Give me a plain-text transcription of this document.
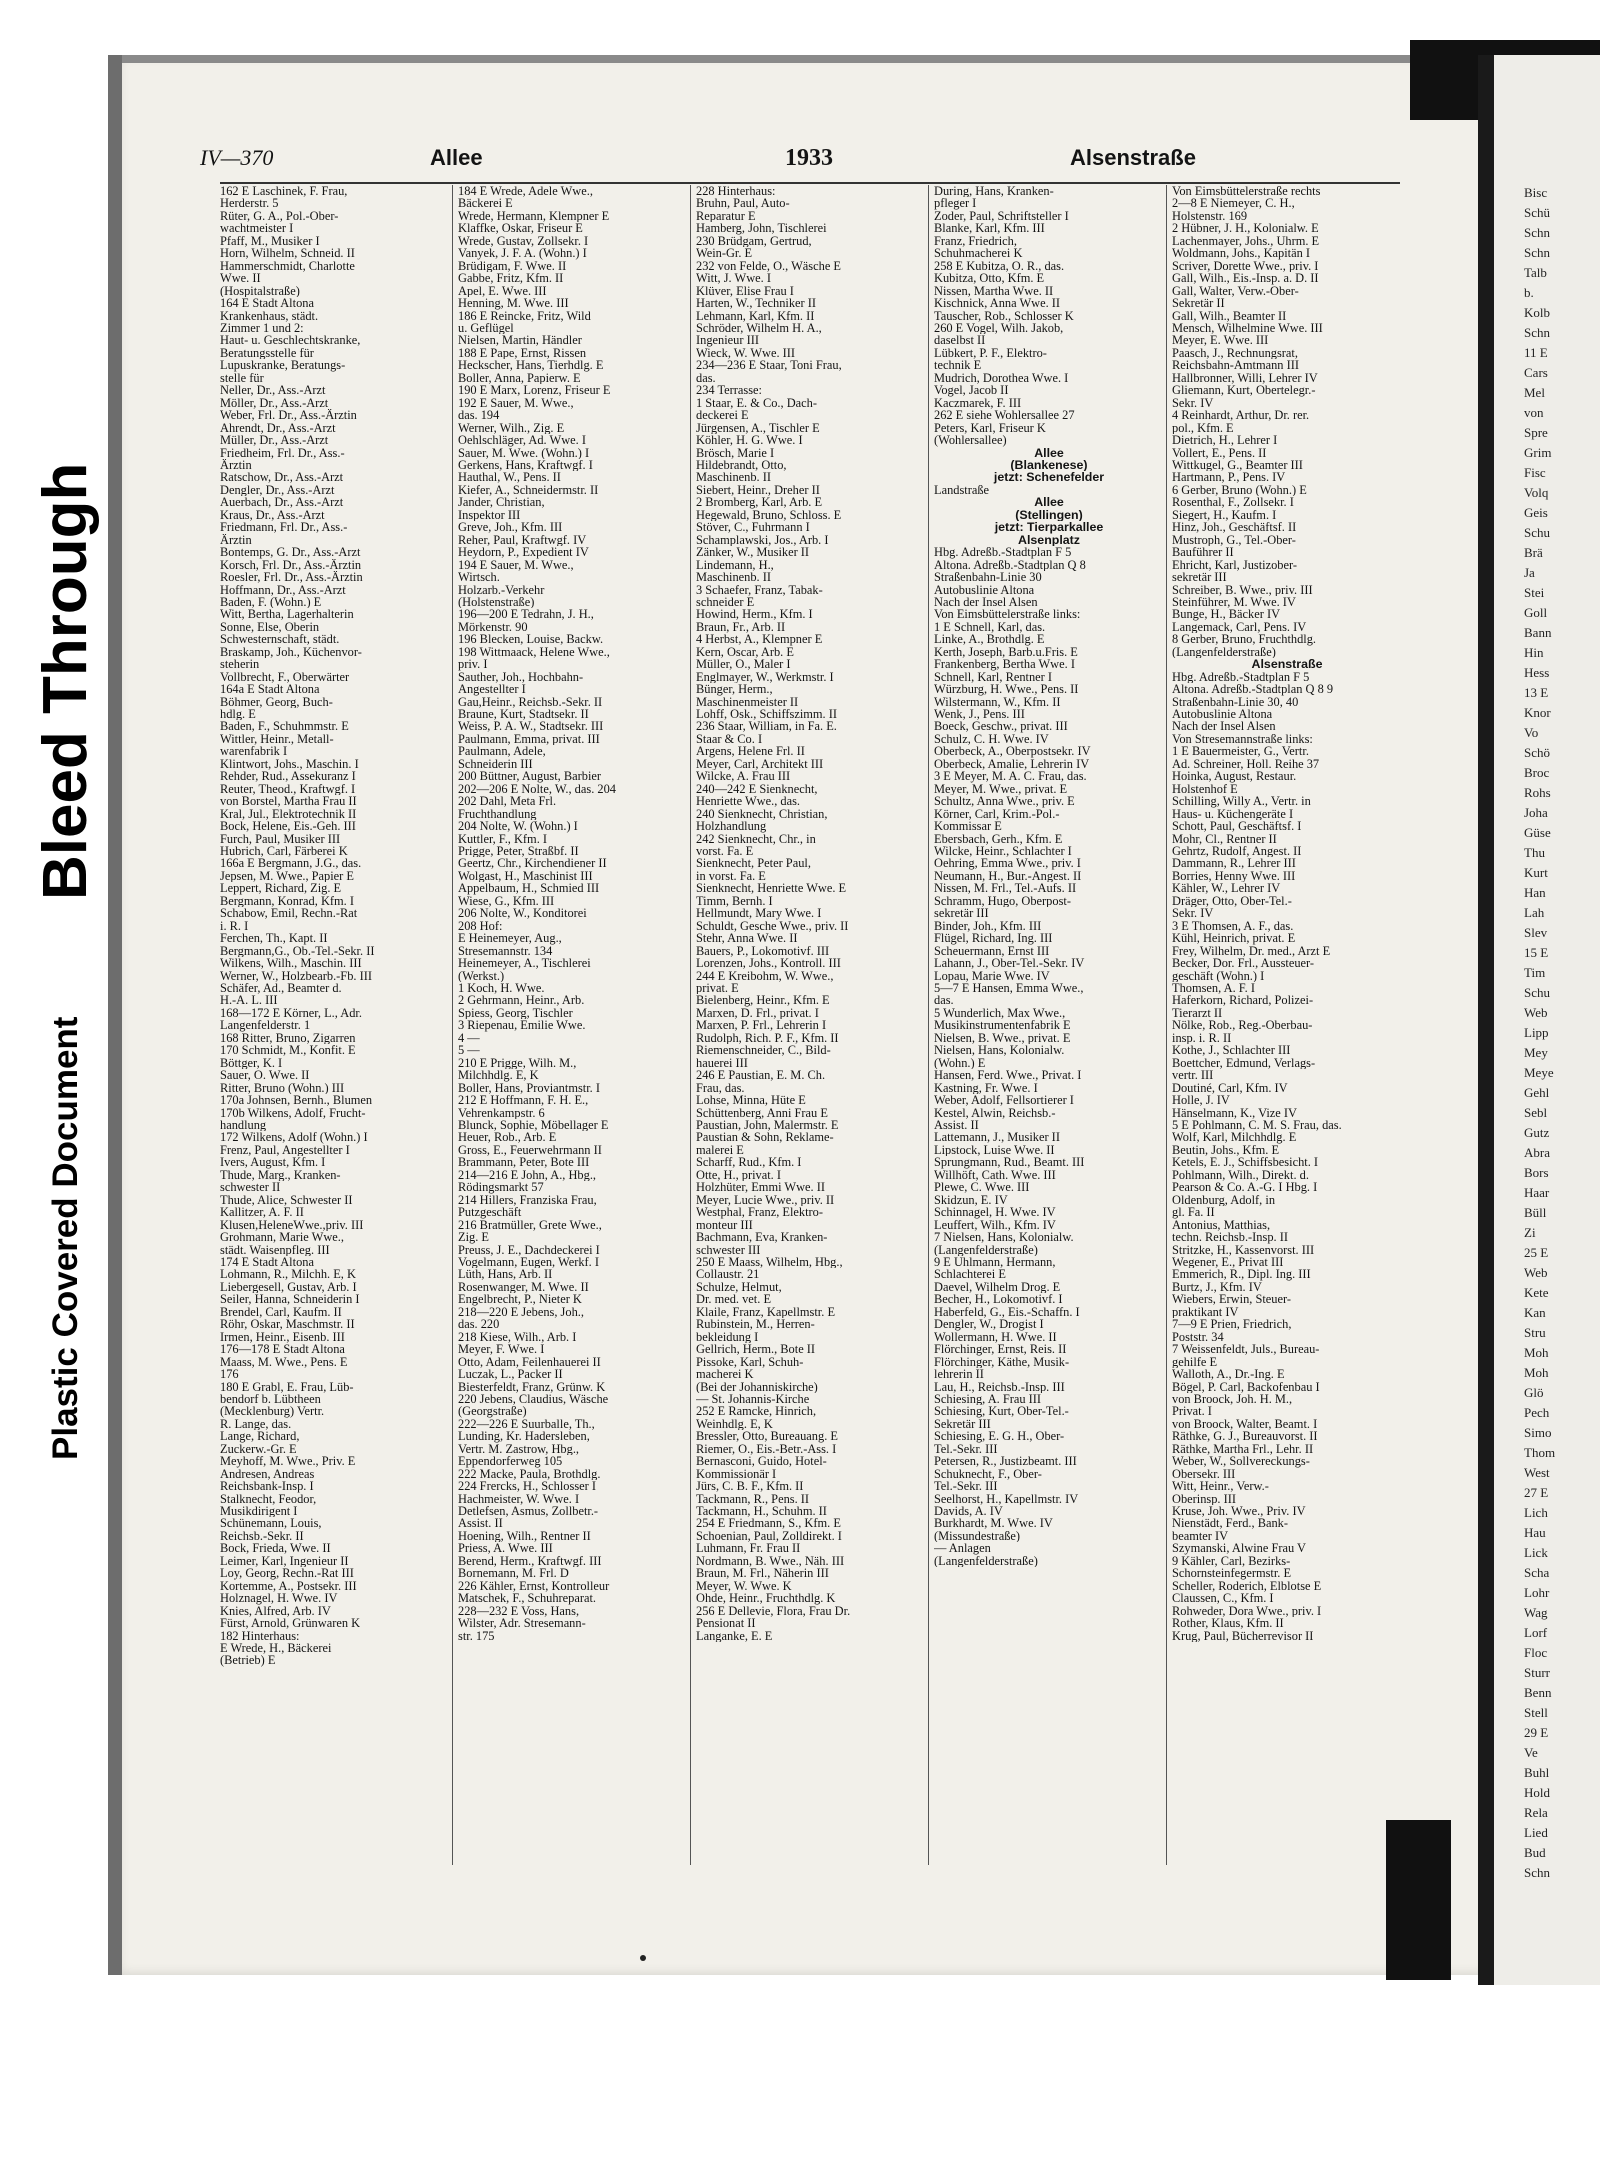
Bisc
Schü
Schn
Schn
Talb
b.
Kolb
Schn
11 E
Cars
Mel
von
Spre
Grim
Fisc
Volq
Geis
Schu
Brä
Ja
Stei
Goll
Bann
Hin
Hess
13 E
Knor
Vo
Schö
Broc
Rohs
Joha
Güse
Thu
Kurt
Han
Lah
Slev
15 E
Tim
Schu
Web
Lipp
Mey
Meye
Gehl
Sebl
Gutz
Abra
Bors
Haar
Büll
Zi
25 E
Web
Kete
Kan
Stru
Moh
Moh
Glö
Pech
Simo
Thom
West
27 E
Lich
Hau
Lick
Scha
Lohr
Wag
Lorf
Floc
Sturr
Benn
Stell
29 E
Ve
Buhl
Hold
Rela
Lied
Bud
Schn
Bleed Through
Plastic Covered Document
IV—370	Allee	1933	Alsenstraße
162 E Laschinek, F. Frau,
Herderstr. 5
Rüter, G. A., Pol.-Ober-
wachtmeister I
Pfaff, M., Musiker I
Horn, Wilhelm, Schneid. II
Hammerschmidt, Charlotte
Wwe. II
(Hospitalstraße)
164 E Stadt Altona
Krankenhaus, städt.
Zimmer 1 und 2:
Haut- u. Geschlechtskranke,
Beratungsstelle für
Lupuskranke, Beratungs-
stelle für
Neller, Dr., Ass.-Arzt
Möller, Dr., Ass.-Arzt
Weber, Frl. Dr., Ass.-Ärztin
Ahrendt, Dr., Ass.-Arzt
Müller, Dr., Ass.-Arzt
Friedheim, Frl. Dr., Ass.-
Ärztin
Ratschow, Dr., Ass.-Arzt
Dengler, Dr., Ass.-Arzt
Auerbach, Dr., Ass.-Arzt
Kraus, Dr., Ass.-Arzt
Friedmann, Frl. Dr., Ass.-
Ärztin
Bontemps, G. Dr., Ass.-Arzt
Korsch, Frl. Dr., Ass.-Ärztin
Roesler, Frl. Dr., Ass.-Ärztin
Hoffmann, Dr., Ass.-Arzt
Baden, F. (Wohn.) E
Witt, Bertha, Lagerhalterin
Sonne, Else, Oberin
Schwesternschaft, städt.
Braskamp, Joh., Küchenvor-
steherin
Vollbrecht, F., Oberwärter
164a E Stadt Altona
Böhmer, Georg, Buch-
hdlg. E
Baden, F., Schuhmmstr. E
Wittler, Heinr., Metall-
warenfabrik I
Klintwort, Johs., Maschin. I
Rehder, Rud., Assekuranz I
Reuter, Theod., Kraftwgf. I
von Borstel, Martha Frau II
Kral, Jul., Elektrotechnik II
Bock, Helene, Eis.-Geh. III
Furch, Paul, Musiker III
Hubrich, Carl, Färberei K
166a E Bergmann, J.G., das.
Jepsen, M. Wwe., Papier E
Leppert, Richard, Zig. E
Bergmann, Konrad, Kfm. I
Schabow, Emil, Rechn.-Rat
i. R. I
Ferchen, Th., Kapt. II
Bergmann,G., Ob.-Tel.-Sekr. II
Wilkens, Wilh., Maschin. III
Werner, W., Holzbearb.-Fb. III
Schäfer, Ad., Beamter d.
H.-A. L. III
168—172 E Körner, L., Adr.
Langenfelderstr. 1
168 Ritter, Bruno, Zigarren
170 Schmidt, M., Konfit. E
Böttger, K. I
Sauer, O. Wwe. II
Ritter, Bruno (Wohn.) III
170a Johnsen, Bernh., Blumen
170b Wilkens, Adolf, Frucht-
handlung
172 Wilkens, Adolf (Wohn.) I
Frenz, Paul, Angestellter I
Ivers, August, Kfm. I
Thude, Marg., Kranken-
schwester II
Thude, Alice, Schwester II
Kallitzer, A. F. II
Klusen,HeleneWwe.,priv. III
Grohmann, Marie Wwe.,
städt. Waisenpfleg. III
174 E Stadt Altona
Lohmann, R., Milchh. E, K
Liebergesell, Gustav, Arb. I
Seiler, Hanna, Schneiderin I
Brendel, Carl, Kaufm. II
Röhr, Oskar, Maschmstr. II
Irmen, Heinr., Eisenb. III
176—178 E Stadt Altona
Maass, M. Wwe., Pens. E
176
180 E Grabl, E. Frau, Lüb-
bendorf b. Lübtheen
(Mecklenburg) Vertr.
R. Lange, das.
Lange, Richard,
Zuckerw.-Gr. E
Meyhoff, M. Wwe., Priv. E
Andresen, Andreas
Reichsbank-Insp. I
Stalknecht, Feodor,
Musikdirigent I
Schünemann, Louis,
Reichsb.-Sekr. II
Bock, Frieda, Wwe. II
Leimer, Karl, Ingenieur II
Loy, Georg, Rechn.-Rat III
Kortemme, A., Postsekr. III
Holznagel, H. Wwe. IV
Knies, Alfred, Arb. IV
Fürst, Arnold, Grünwaren K
182 Hinterhaus:
E Wrede, H., Bäckerei
(Betrieb) E
184 E Wrede, Adele Wwe.,
Bäckerei E
Wrede, Hermann, Klempner E
Klaffke, Oskar, Friseur E
Wrede, Gustav, Zollsekr. I
Vanyek, J. F. A. (Wohn.) I
Brüdigam, F. Wwe. II
Gabbe, Fritz, Kfm. II
Apel, E. Wwe. III
Henning, M. Wwe. III
186 E Reincke, Fritz, Wild
u. Geflügel
Nielsen, Martin, Händler
188 E Pape, Ernst, Rissen
Heckscher, Hans, Tierhdlg. E
Boller, Anna, Papierw. E
190 E Marx, Lorenz, Friseur E
192 E Sauer, M. Wwe.,
das. 194
Werner, Wilh., Zig. E
Oehlschläger, Ad. Wwe. I
Sauer, M. Wwe. (Wohn.) I
Gerkens, Hans, Kraftwgf. I
Hauthal, W., Pens. II
Kiefer, A., Schneidermstr. II
Jander, Christian,
Inspektor III
Greve, Joh., Kfm. III
Reher, Paul, Kraftwgf. IV
Heydorn, P., Expedient IV
194 E Sauer, M. Wwe.,
Wirtsch.
Holzarb.-Verkehr
(Holstenstraße)
196—200 E Tedrahn, J. H.,
Mörkenstr. 90
196 Blecken, Louise, Backw.
198 Wittmaack, Helene Wwe.,
priv. I
Sauther, Joh., Hochbahn-
Angestellter I
Gau,Heinr., Reichsb.-Sekr. II
Braune, Kurt, Stadtsekr. II
Weiss, P. A. W., Stadtsekr. III
Paulmann, Emma, privat. III
Paulmann, Adele,
Schneiderin III
200 Büttner, August, Barbier
202—206 E Nolte, W., das. 204
202 Dahl, Meta Frl.
Fruchthandlung
204 Nolte, W. (Wohn.) I
Kuttler, F., Kfm. I
Prigge, Peter, Straßbf. II
Geertz, Chr., Kirchendiener II
Wolgast, H., Maschinist III
Appelbaum, H., Schmied III
Wiese, G., Kfm. III
206 Nolte, W., Konditorei
208 Hof:
E Heinemeyer, Aug.,
Stresemannstr. 134
Heinemeyer, A., Tischlerei
(Werkst.)
1 Koch, H. Wwe.
2 Gehrmann, Heinr., Arb.
Spiess, Georg, Tischler
3 Riepenau, Emilie Wwe.
4 —
5 —
210 E Prigge, Wilh. M.,
Milchhdlg. E, K
Boller, Hans, Proviantmstr. I
212 E Hoffmann, F. H. E.,
Vehrenkampstr. 6
Blunck, Sophie, Möbellager E
Heuer, Rob., Arb. E
Gross, E., Feuerwehrmann II
Brammann, Peter, Bote III
214—216 E John, A., Hbg.,
Rödingsmarkt 57
214 Hillers, Franziska Frau,
Putzgeschäft
216 Bratmüller, Grete Wwe.,
Zig. E
Preuss, J. E., Dachdeckerei I
Vogelmann, Eugen, Werkf. I
Lüth, Hans, Arb. II
Rosenwanger, M. Wwe. II
Engelbrecht, P., Nieter K
218—220 E Jebens, Joh.,
das. 220
218 Kiese, Wilh., Arb. I
Meyer, F. Wwe. I
Otto, Adam, Feilenhauerei II
Luczak, L., Packer II
Biesterfeldt, Franz, Grünw. K
220 Jebens, Claudius, Wäsche
(Georgstraße)
222—226 E Suurballe, Th.,
Lunding, Kr. Hadersleben,
Vertr. M. Zastrow, Hbg.,
Eppendorferweg 105
222 Macke, Paula, Brothdlg.
224 Frercks, H., Schlosser I
Hachmeister, W. Wwe. I
Detlefsen, Asmus, Zollbetr.-
Assist. II
Hoening, Wilh., Rentner II
Priess, A. Wwe. III
Berend, Herm., Kraftwgf. III
Bornemann, M. Frl. D
226 Kähler, Ernst, Kontrolleur
Matschek, F., Schuhreparat.
228—232 E Voss, Hans,
Wilster, Adr. Stresemann-
str. 175
228 Hinterhaus:
Bruhn, Paul, Auto-
Reparatur E
Hamberg, John, Tischlerei
230 Brüdgam, Gertrud,
Wein-Gr. E
232 von Felde, O., Wäsche E
Witt, J. Wwe. I
Klüver, Elise Frau I
Harten, W., Techniker II
Lehmann, Karl, Kfm. II
Schröder, Wilhelm H. A.,
Ingenieur III
Wieck, W. Wwe. III
234—236 E Staar, Toni Frau,
das.
234 Terrasse:
1 Staar, E. & Co., Dach-
deckerei E
Jürgensen, A., Tischler E
Köhler, H. G. Wwe. I
Brösch, Marie I
Hildebrandt, Otto,
Maschinenb. II
Siebert, Heinr., Dreher II
2 Bromberg, Karl, Arb. E
Hegewald, Bruno, Schloss. E
Stöver, C., Fuhrmann I
Schamplawski, Jos., Arb. I
Zänker, W., Musiker II
Lindemann, H.,
Maschinenb. II
3 Schaefer, Franz, Tabak-
schneider E
Howind, Herm., Kfm. I
Braun, Fr., Arb. II
4 Herbst, A., Klempner E
Kern, Oscar, Arb. E
Müller, O., Maler I
Englmayer, W., Werkmstr. I
Bünger, Herm.,
Maschinenmeister II
Lohff, Osk., Schiffszimm. II
236 Staar, William, in Fa. E.
Staar & Co. I
Argens, Helene Frl. II
Meyer, Carl, Architekt III
Wilcke, A. Frau III
240—242 E Sienknecht,
Henriette Wwe., das.
240 Sienknecht, Christian,
Holzhandlung
242 Sienknecht, Chr., in
vorst. Fa. E
Sienknecht, Peter Paul,
in vorst. Fa. E
Sienknecht, Henriette Wwe. E
Timm, Bernh. I
Hellmundt, Mary Wwe. I
Schuldt, Gesche Wwe., priv. II
Stehr, Anna Wwe. II
Bauers, P., Lokomotivf. III
Lorenzen, Johs., Kontroll. III
244 E Kreibohm, W. Wwe.,
privat. E
Bielenberg, Heinr., Kfm. E
Marxen, D. Frl., privat. I
Marxen, P. Frl., Lehrerin I
Rudolph, Rich. P. F., Kfm. II
Riemenschneider, C., Bild-
hauerei III
246 E Paustian, E. M. Ch.
Frau, das.
Lohse, Minna, Hüte E
Schüttenberg, Anni Frau E
Paustian, John, Malermstr. E
Paustian & Sohn, Reklame-
malerei E
Scharff, Rud., Kfm. I
Otte, H., privat. I
Holzhüter, Emmi Wwe. II
Meyer, Lucie Wwe., priv. II
Westphal, Franz, Elektro-
monteur III
Bachmann, Eva, Kranken-
schwester III
250 E Maass, Wilhelm, Hbg.,
Collaustr. 21
Schulze, Helmut,
Dr. med. vet. E
Klaile, Franz, Kapellmstr. E
Rubinstein, M., Herren-
bekleidung I
Gellrich, Herm., Bote II
Pissoke, Karl, Schuh-
macherei K
(Bei der Johanniskirche)
— St. Johannis-Kirche
252 E Ramcke, Hinrich,
Weinhdlg. E, K
Bressler, Otto, Bureauang. E
Riemer, O., Eis.-Betr.-Ass. I
Bernasconi, Guido, Hotel-
Kommissionär I
Jürs, C. B. F., Kfm. II
Tackmann, R., Pens. II
Tackmann, H., Schuhm. II
254 E Friedmann, S., Kfm. E
Schoenian, Paul, Zolldirekt. I
Luhmann, Fr. Frau II
Nordmann, B. Wwe., Näh. III
Braun, M. Frl., Näherin III
Meyer, W. Wwe. K
Ohde, Heinr., Fruchthdlg. K
256 E Dellevie, Flora, Frau Dr.
Pensionat II
Langanke, E. E
During, Hans, Kranken-
pfleger I
Zoder, Paul, Schriftsteller I
Blanke, Karl, Kfm. III
Franz, Friedrich,
Schuhmacherei K
258 E Kubitza, O. R., das.
Kubitza, Otto, Kfm. E
Nissen, Martha Wwe. II
Kischnick, Anna Wwe. II
Tauscher, Rob., Schlosser K
260 E Vogel, Wilh. Jakob,
daselbst II
Lübkert, P. F., Elektro-
technik E
Mudrich, Dorothea Wwe. I
Vogel, Jacob II
Kaczmarek, F. III
262 E siehe Wohlersallee 27
Peters, Karl, Friseur K
(Wohlersallee)
Allee
(Blankenese)
jetzt: Schenefelder
Landstraße
Allee
(Stellingen)
jetzt: Tierparkallee
Alsenplatz
Hbg. Adreßb.-Stadtplan F 5
Altona. Adreßb.-Stadtplan Q 8
Straßenbahn-Linie 30
Autobuslinie Altona
Nach der Insel Alsen
Von Eimsbüttelerstraße links:
1 E Schnell, Karl, das.
Linke, A., Brothdlg. E
Kerth, Joseph, Barb.u.Fris. E
Frankenberg, Bertha Wwe. I
Schnell, Karl, Rentner I
Würzburg, H. Wwe., Pens. II
Wilstermann, W., Kfm. II
Wenk, J., Pens. III
Boeck, Geschw., privat. III
Schulz, C. H. Wwe. IV
Oberbeck, A., Oberpostsekr. IV
Oberbeck, Amalie, Lehrerin IV
3 E Meyer, M. A. C. Frau, das.
Meyer, M. Wwe., privat. E
Schultz, Anna Wwe., priv. E
Körner, Carl, Krim.-Pol.-
Kommissar E
Ebersbach, Gerh., Kfm. E
Wilcke, Heinr., Schlachter I
Oehring, Emma Wwe., priv. I
Neumann, H., Bur.-Angest. II
Nissen, M. Frl., Tel.-Aufs. II
Schramm, Hugo, Oberpost-
sekretär III
Binder, Joh., Kfm. III
Flügel, Richard, Ing. III
Scheuermann, Ernst III
Lahann, J., Ober-Tel.-Sekr. IV
Lopau, Marie Wwe. IV
5—7 E Hansen, Emma Wwe.,
das.
5 Wunderlich, Max Wwe.,
Musikinstrumentenfabrik E
Nielsen, B. Wwe., privat. E
Nielsen, Hans, Kolonialw.
(Wohn.) E
Hansen, Ferd. Wwe., Privat. I
Kastning, Fr. Wwe. I
Weber, Adolf, Fellsortierer I
Kestel, Alwin, Reichsb.-
Assist. II
Lattemann, J., Musiker II
Lipstock, Luise Wwe. II
Sprungmann, Rud., Beamt. III
Willhöft, Cath. Wwe. III
Plewe, C. Wwe. III
Skidzun, E. IV
Schinnagel, H. Wwe. IV
Leuffert, Wilh., Kfm. IV
7 Nielsen, Hans, Kolonialw.
(Langenfelderstraße)
9 E Uhlmann, Hermann,
Schlachterei E
Daevel, Wilhelm Drog. E
Becher, H., Lokomotivf. I
Haberfeld, G., Eis.-Schaffn. I
Dengler, W., Drogist I
Wollermann, H. Wwe. II
Flörchinger, Ernst, Reis. II
Flörchinger, Käthe, Musik-
lehrerin II
Lau, H., Reichsb.-Insp. III
Schiesing, A. Frau III
Schiesing, Kurt, Ober-Tel.-
Sekretär III
Schiesing, E. G. H., Ober-
Tel.-Sekr. III
Petersen, R., Justizbeamt. III
Schuknecht, F., Ober-
Tel.-Sekr. III
Seelhorst, H., Kapellmstr. IV
Davids, A. IV
Burkhardt, M. Wwe. IV
(Missundestraße)
— Anlagen
(Langenfelderstraße)
Von Eimsbüttelerstraße rechts
2—8 E Niemeyer, C. H.,
Holstenstr. 169
2 Hübner, J. H., Kolonialw. E
Lachenmayer, Johs., Uhrm. E
Woldmann, Johs., Kapitän I
Scriver, Dorette Wwe., priv. I
Gall, Wilh., Eis.-Insp. a. D. II
Gall, Walter, Verw.-Ober-
Sekretär II
Gall, Wilh., Beamter II
Mensch, Wilhelmine Wwe. III
Meyer, E. Wwe. III
Paasch, J., Rechnungsrat,
Reichsbahn-Amtmann III
Hallbronner, Willi, Lehrer IV
Gliemann, Kurt, Obertelegr.-
Sekr. IV
4 Reinhardt, Arthur, Dr. rer.
pol., Kfm. E
Dietrich, H., Lehrer I
Vollert, E., Pens. II
Wittkugel, G., Beamter III
Hartmann, P., Pens. IV
6 Gerber, Bruno (Wohn.) E
Rosenthal, F., Zollsekr. I
Siegert, H., Kaufm. I
Hinz, Joh., Geschäftsf. II
Mustroph, G., Tel.-Ober-
Bauführer II
Ehricht, Karl, Justizober-
sekretär III
Schreiber, B. Wwe., priv. III
Steinführer, M. Wwe. IV
Bunge, H., Bäcker IV
Langemack, Carl, Pens. IV
8 Gerber, Bruno, Fruchthdlg.
(Langenfelderstraße)
Alsenstraße
Hbg. Adreßb.-Stadtplan F 5
Altona. Adreßb.-Stadtplan Q 8 9
Straßenbahn-Linie 30, 40
Autobuslinie Altona
Nach der Insel Alsen
Von Stresemannstraße links:
1 E Bauermeister, G., Vertr.
Ad. Schreiner, Holl. Reihe 37
Hoinka, August, Restaur.
Holstenhof E
Schilling, Willy A., Vertr. in
Haus- u. Küchengeräte I
Schott, Paul, Geschäftsf. I
Mohr, Cl., Rentner II
Gehrtz, Rudolf, Angest. II
Dammann, R., Lehrer III
Borries, Henny Wwe. III
Kähler, W., Lehrer IV
Dräger, Otto, Ober-Tel.-
Sekr. IV
3 E Thomsen, A. F., das.
Kühl, Heinrich, privat. E
Frey, Wilhelm, Dr. med., Arzt E
Becker, Dor. Frl., Aussteuer-
geschäft (Wohn.) I
Thomsen, A. F. I
Haferkorn, Richard, Polizei-
Tierarzt II
Nölke, Rob., Reg.-Oberbau-
insp. i. R. II
Kothe, J., Schlachter III
Boettcher, Edmund, Verlags-
vertr. III
Doutiné, Carl, Kfm. IV
Holle, J. IV
Hänselmann, K., Vize IV
5 E Pohlmann, C. M. S. Frau, das.
Wolf, Karl, Milchhdlg. E
Beutin, Johs., Kfm. E
Ketels, E. J., Schiffsbesicht. I
Pohlmann, Wilh., Direkt. d.
Pearson & Co. A.-G. I Hbg. I
Oldenburg, Adolf, in
gl. Fa. II
Antonius, Matthias,
techn. Reichsb.-Insp. II
Stritzke, H., Kassenvorst. III
Wegener, E., Privat III
Emmerich, R., Dipl. Ing. III
Burtz, J., Kfm. IV
Wiebers, Erwin, Steuer-
praktikant IV
7—9 E Prien, Friedrich,
Poststr. 34
7 Weissenfeldt, Juls., Bureau-
gehilfe E
Walloth, A., Dr.-Ing. E
Bögel, P. Carl, Backofenbau I
von Broock, Joh. H. M.,
Privat. I
von Broock, Walter, Beamt. I
Räthke, G. J., Bureauvorst. II
Räthke, Martha Frl., Lehr. II
Weber, W., Sollvereckungs-
Obersekr. III
Witt, Heinr., Verw.-
Oberinsp. III
Kruse, Joh. Wwe., Priv. IV
Nienstädt, Ferd., Bank-
beamter IV
Szymanski, Alwine Frau V
9 Kähler, Carl, Bezirks-
Schornsteinfegermstr. E
Scheller, Roderich, Elblotse E
Claussen, C., Kfm. I
Rohweder, Dora Wwe., priv. I
Rother, Klaus, Kfm. II
Krug, Paul, Bücherrevisor II
